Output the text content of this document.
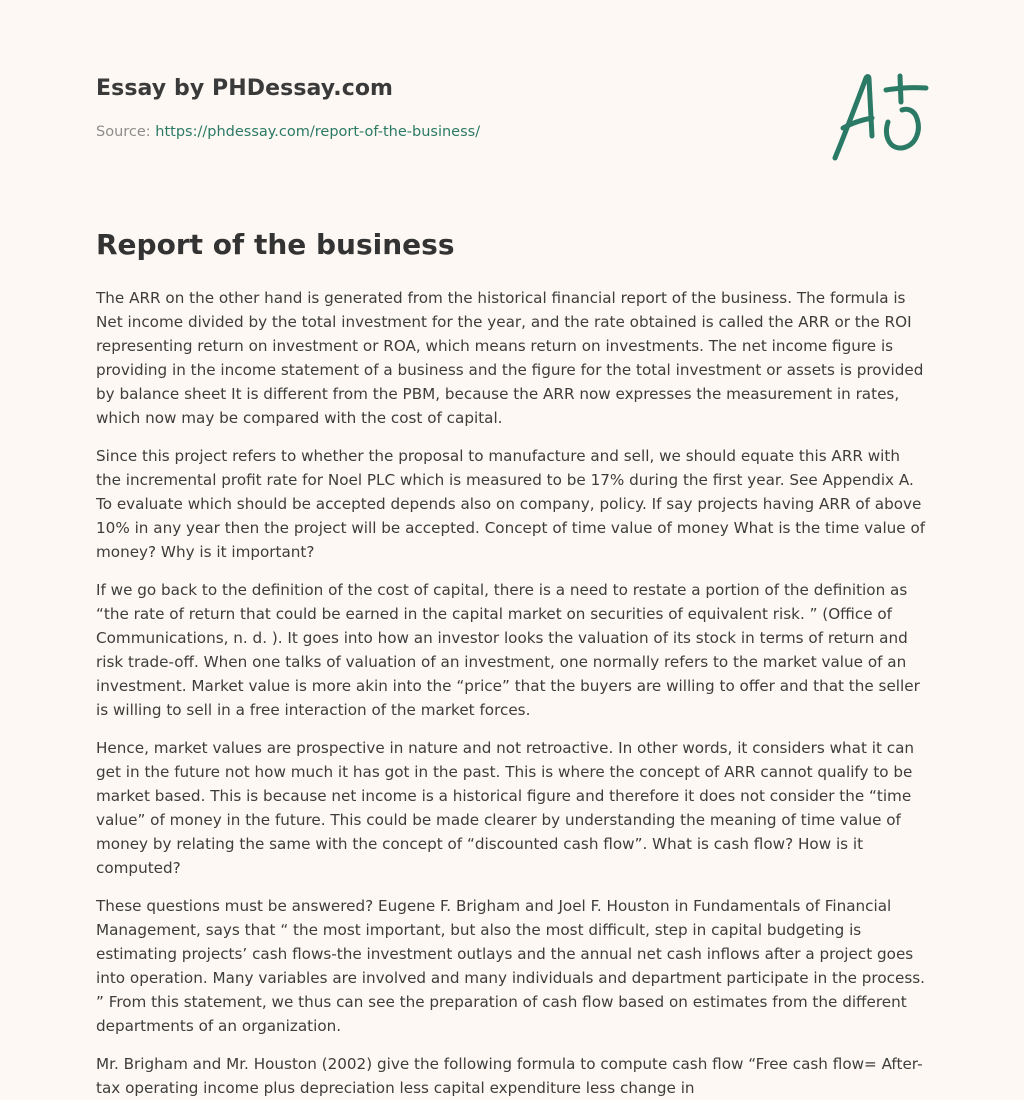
Essay by PHDessay.com
Source: https://phdessay.com/report-of-the-business/
Report of the business

The ARR on the other hand is generated from the historical financial report of the business. The formula is Net income divided by the total investment for the year, and the rate obtained is called the ARR or the ROI representing return on investment or ROA, which means return on investments. The net income figure is providing in the income statement of a business and the figure for the total investment or assets is provided by balance sheet It is different from the PBM, because the ARR now expresses the measurement in rates, which now may be compared with the cost of capital.

Since this project refers to whether the proposal to manufacture and sell, we should equate this ARR with the incremental profit rate for Noel PLC which is measured to be 17% during the first year. See Appendix A. To evaluate which should be accepted depends also on company, policy. If say projects having ARR of above 10% in any year then the project will be accepted. Concept of time value of money What is the time value of money? Why is it important?

If we go back to the definition of the cost of capital, there is a need to restate a portion of the definition as “the rate of return that could be earned in the capital market on securities of equivalent risk. ” (Office of Communications, n. d. ). It goes into how an investor looks the valuation of its stock in terms of return and risk trade-off. When one talks of valuation of an investment, one normally refers to the market value of an investment. Market value is more akin into the “price” that the buyers are willing to offer and that the seller is willing to sell in a free interaction of the market forces.

Hence, market values are prospective in nature and not retroactive. In other words, it considers what it can get in the future not how much it has got in the past. This is where the concept of ARR cannot qualify to be market based. This is because net income is a historical figure and therefore it does not consider the “time value” of money in the future. This could be made clearer by understanding the meaning of time value of money by relating the same with the concept of “discounted cash flow”. What is cash flow? How is it computed?

These questions must be answered? Eugene F. Brigham and Joel F. Houston in Fundamentals of Financial Management, says that “ the most important, but also the most difficult, step in capital budgeting is estimating projects’ cash flows-the investment outlays and the annual net cash inflows after a project goes into operation. Many variables are involved and many individuals and department participate in the process. ” From this statement, we thus can see the preparation of cash flow based on estimates from the different departments of an organization.

Mr. Brigham and Mr. Houston (2002) give the following formula to compute cash flow “Free cash flow= After-tax operating income plus depreciation less capital expenditure less change in
